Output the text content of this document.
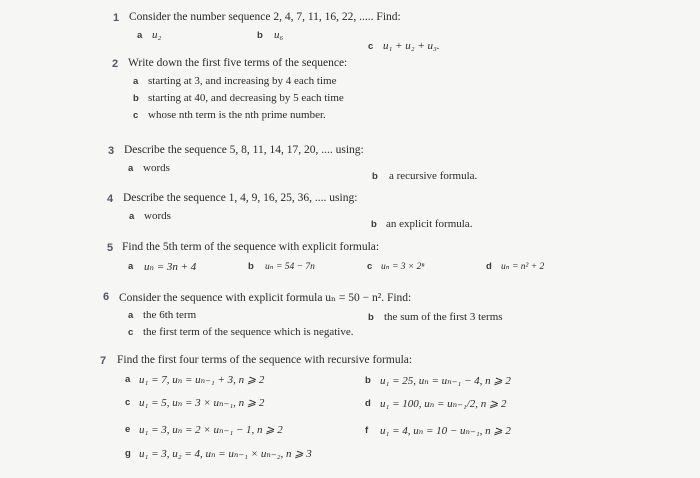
1 Consider the number sequence 2, 4, 7, 11, 16, 22, ..... Find:
a u₂	b u₆
c u₁ + u₂ + u₃.
2 Write down the first five terms of the sequence:
a starting at 3, and increasing by 4 each time
b starting at 40, and decreasing by 5 each time
c whose nth term is the nth prime number.
3 Describe the sequence 5, 8, 11, 14, 17, 20, .... using:
a words
b a recursive formula.
4 Describe the sequence 1, 4, 9, 16, 25, 36, .... using:
a words
b an explicit formula.
5 Find the 5th term of the sequence with explicit formula:
a uₙ = 3n + 4	b uₙ = 54 − 7n	c uₙ = 3 × 2ⁿ	d uₙ = n² + 2
6 Consider the sequence with explicit formula uₙ = 50 − n². Find:
a the 6th term	b the sum of the first 3 terms
c the first term of the sequence which is negative.
7 Find the first four terms of the sequence with recursive formula:
a u₁ = 7, uₙ = uₙ₋₁ + 3, n ⩾ 2	b u₁ = 25, uₙ = uₙ₋₁ − 4, n ⩾ 2
c u₁ = 5, uₙ = 3 × uₙ₋₁, n ⩾ 2	d u₁ = 100, uₙ = uₙ₋₁/2, n ⩾ 2
e u₁ = 3, uₙ = 2 × uₙ₋₁ − 1, n ⩾ 2	f u₁ = 4, uₙ = 10 − uₙ₋₁, n ⩾ 2
g u₁ = 3, u₂ = 4, uₙ = uₙ₋₁ × uₙ₋₂, n ⩾ 3
